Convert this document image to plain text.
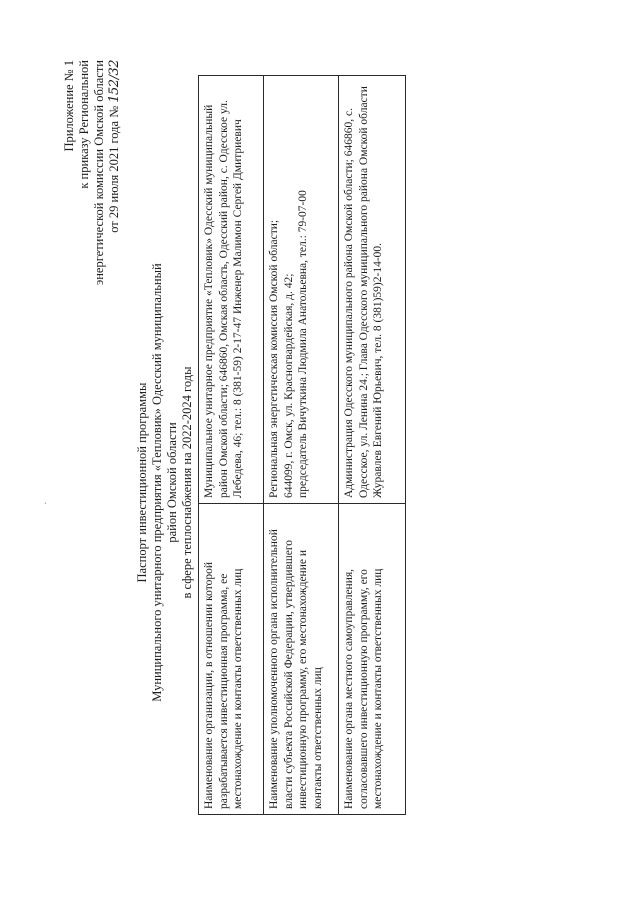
Приложение № 1 к приказу Региональной энергетической комиссии Омской области от 29 июля 2021 года № 152/32
Паспорт инвестиционной программы Муниципального унитарного предприятия «Тепловик» Одесский муниципальный район Омской области в сфере теплоснабжения на 2022-2024 годы
·
Наименование организации, в отношении которой разрабатывается инвестиционная программа, ее местонахождение и контакты ответственных лиц	Муниципальное унитарное предприятие «Тепловик» Одесский муниципальный район Омской области; 646860, Омская область, Одесский район, с. Одесское ул. Лебедева, 46; тел.: 8 (381-59) 2-17-47 Инженер Малимон Сергей Дмитриевич
Наименование уполномоченного органа исполнительной власти субъекта Российской Федерации, утвердившего инвестиционную программу, его местонахождение и контакты ответственных лиц	Региональная энергетическая комиссия Омской области; 644099, г. Омск, ул. Красногвардейская, д. 42; председатель Вичуткина Людмила Анатольевна, тел.: 79-07-00

Наименование органа местного самоуправления, согласовавшего инвестиционную программу, его местонахождение и контакты ответственных лиц	Администрация Одесского муниципального района Омской области; 646860, с. Одесское, ул. Ленина 24.; Глава Одесского муниципального района Омской области Журавлев Евгений Юрьевич, тел. 8 (381)59)2-14-00.
